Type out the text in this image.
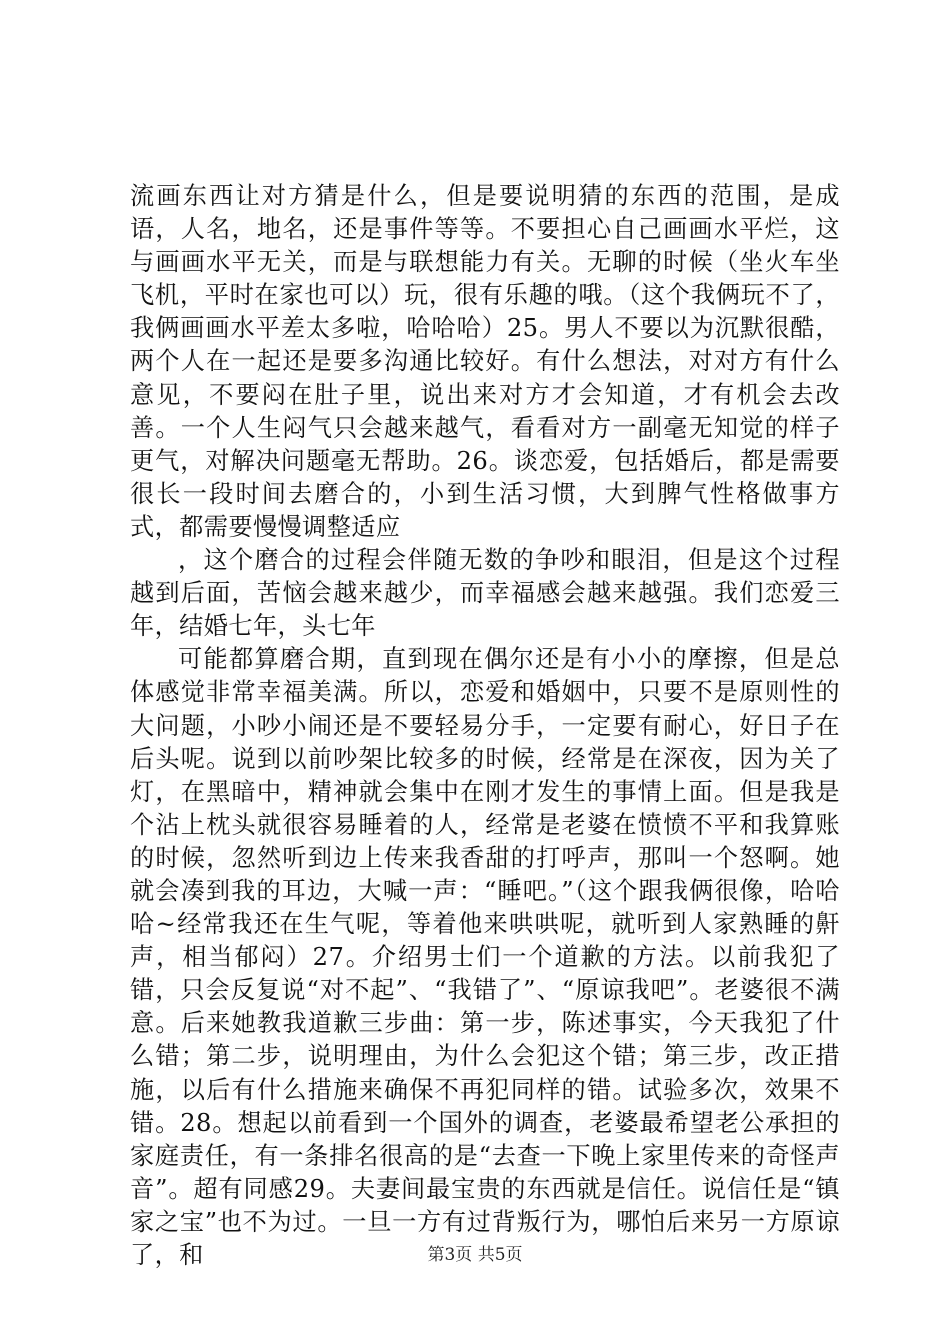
流画东西让对方猜是什么，但是要说明猜的东西的范围，是成语，人名，地名，还是事件等等。不要担心自己画画水平烂，这与画画水平无关，而是与联想能力有关。无聊的时候（坐火车坐飞机，平时在家也可以）玩，很有乐趣的哦。（这个我俩玩不了，我俩画画水平差太多啦，哈哈哈）25。男人不要以为沉默很酷，两个人在一起还是要多沟通比较好。有什么想法，对对方有什么意见，不要闷在肚子里，说出来对方才会知道，才有机会去改善。一个人生闷气只会越来越气，看看对方一副毫无知觉的样子更气，对解决问题毫无帮助。26。谈恋爱，包括婚后，都是需要很长一段时间去磨合的，小到生活习惯，大到脾气性格做事方式，都需要慢慢调整适应

，这个磨合的过程会伴随无数的争吵和眼泪，但是这个过程越到后面，苦恼会越来越少，而幸福感会越来越强。我们恋爱三年，结婚七年，头七年

可能都算磨合期，直到现在偶尔还是有小小的摩擦，但是总体感觉非常幸福美满。所以，恋爱和婚姻中，只要不是原则性的大问题，小吵小闹还是不要轻易分手，一定要有耐心，好日子在后头呢。说到以前吵架比较多的时候，经常是在深夜，因为关了灯，在黑暗中，精神就会集中在刚才发生的事情上面。但是我是个沾上枕头就很容易睡着的人，经常是老婆在愤愤不平和我算账的时候，忽然听到边上传来我香甜的打呼声，那叫一个怒啊。她就会凑到我的耳边，大喊一声：“睡吧。”（这个跟我俩很像，哈哈哈~经常我还在生气呢，等着他来哄哄呢，就听到人家熟睡的鼾声，相当郁闷）27。介绍男士们一个道歉的方法。以前我犯了错，只会反复说“对不起”、“我错了”、“原谅我吧”。老婆很不满意。后来她教我道歉三步曲：第一步，陈述事实，今天我犯了什么错；第二步，说明理由，为什么会犯这个错；第三步，改正措施，以后有什么措施来确保不再犯同样的错。试验多次，效果不错。28。想起以前看到一个国外的调查，老婆最希望老公承担的家庭责任，有一条排名很高的是“去查一下晚上家里传来的奇怪声音”。超有同感29。夫妻间最宝贵的东西就是信任。说信任是“镇家之宝”也不为过。一旦一方有过背叛行为，哪怕后来另一方原谅了，和	第3页 共5页
